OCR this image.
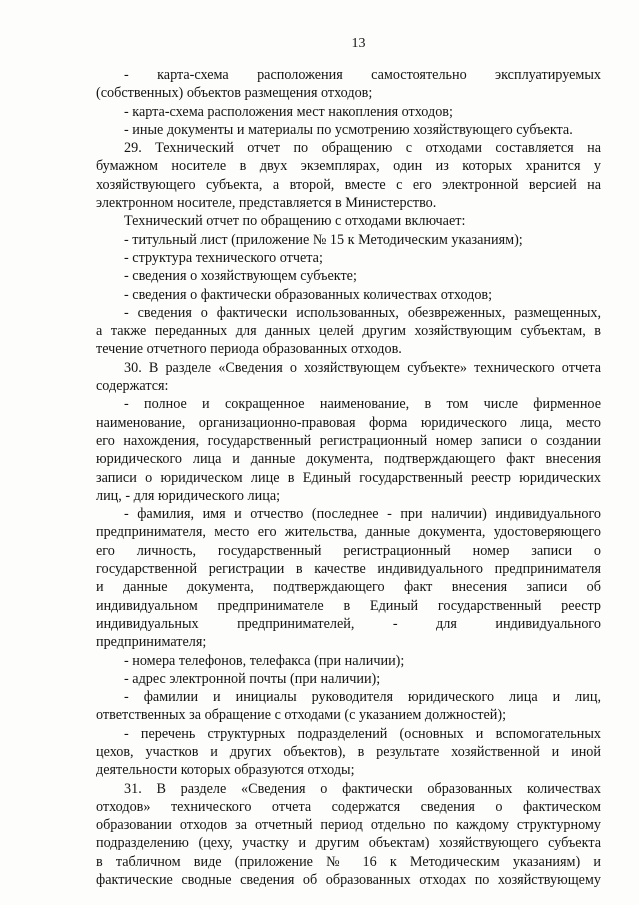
13
- карта-схема расположения самостоятельно эксплуатируемых
(собственных) объектов размещения отходов;
- карта-схема расположения мест накопления отходов;
- иные документы и материалы по усмотрению хозяйствующего субъекта.
29. Технический отчет по обращению с отходами составляется на
бумажном носителе в двух экземплярах, один из которых хранится у
хозяйствующего субъекта, а второй, вместе с его электронной версией на
электронном носителе, представляется в Министерство.
Технический отчет по обращению с отходами включает:
- титульный лист (приложение № 15 к Методическим указаниям);
- структура технического отчета;
- сведения о хозяйствующем субъекте;
- сведения о фактически образованных количествах отходов;
- сведения о фактически использованных, обезвреженных, размещенных,
а также переданных для данных целей другим хозяйствующим субъектам, в
течение отчетного периода образованных отходов.
30. В разделе «Сведения о хозяйствующем субъекте» технического отчета
содержатся:
- полное и сокращенное наименование, в том числе фирменное
наименование, организационно-правовая форма юридического лица, место
его нахождения, государственный регистрационный номер записи о создании
юридического лица и данные документа, подтверждающего факт внесения
записи о юридическом лице в Единый государственный реестр юридических
лиц, - для юридического лица;
- фамилия, имя и отчество (последнее - при наличии) индивидуального
предпринимателя, место его жительства, данные документа, удостоверяющего
его личность, государственный регистрационный номер записи о
государственной регистрации в качестве индивидуального предпринимателя
и данные документа, подтверждающего факт внесения записи об
индивидуальном предпринимателе в Единый государственный реестр
индивидуальных предпринимателей, - для индивидуального
предпринимателя;
- номера телефонов, телефакса (при наличии);
- адрес электронной почты (при наличии);
- фамилии и инициалы руководителя юридического лица и лиц,
ответственных за обращение с отходами (с указанием должностей);
- перечень структурных подразделений (основных и вспомогательных
цехов, участков и других объектов), в результате хозяйственной и иной
деятельности которых образуются отходы;
31. В разделе «Сведения о фактически образованных количествах
отходов» технического отчета содержатся сведения о фактическом
образовании отходов за отчетный период отдельно по каждому структурному
подразделению (цеху, участку и другим объектам) хозяйствующего субъекта
в табличном виде (приложение № 16 к Методическим указаниям) и
фактические сводные сведения об образованных отходах по хозяйствующему
